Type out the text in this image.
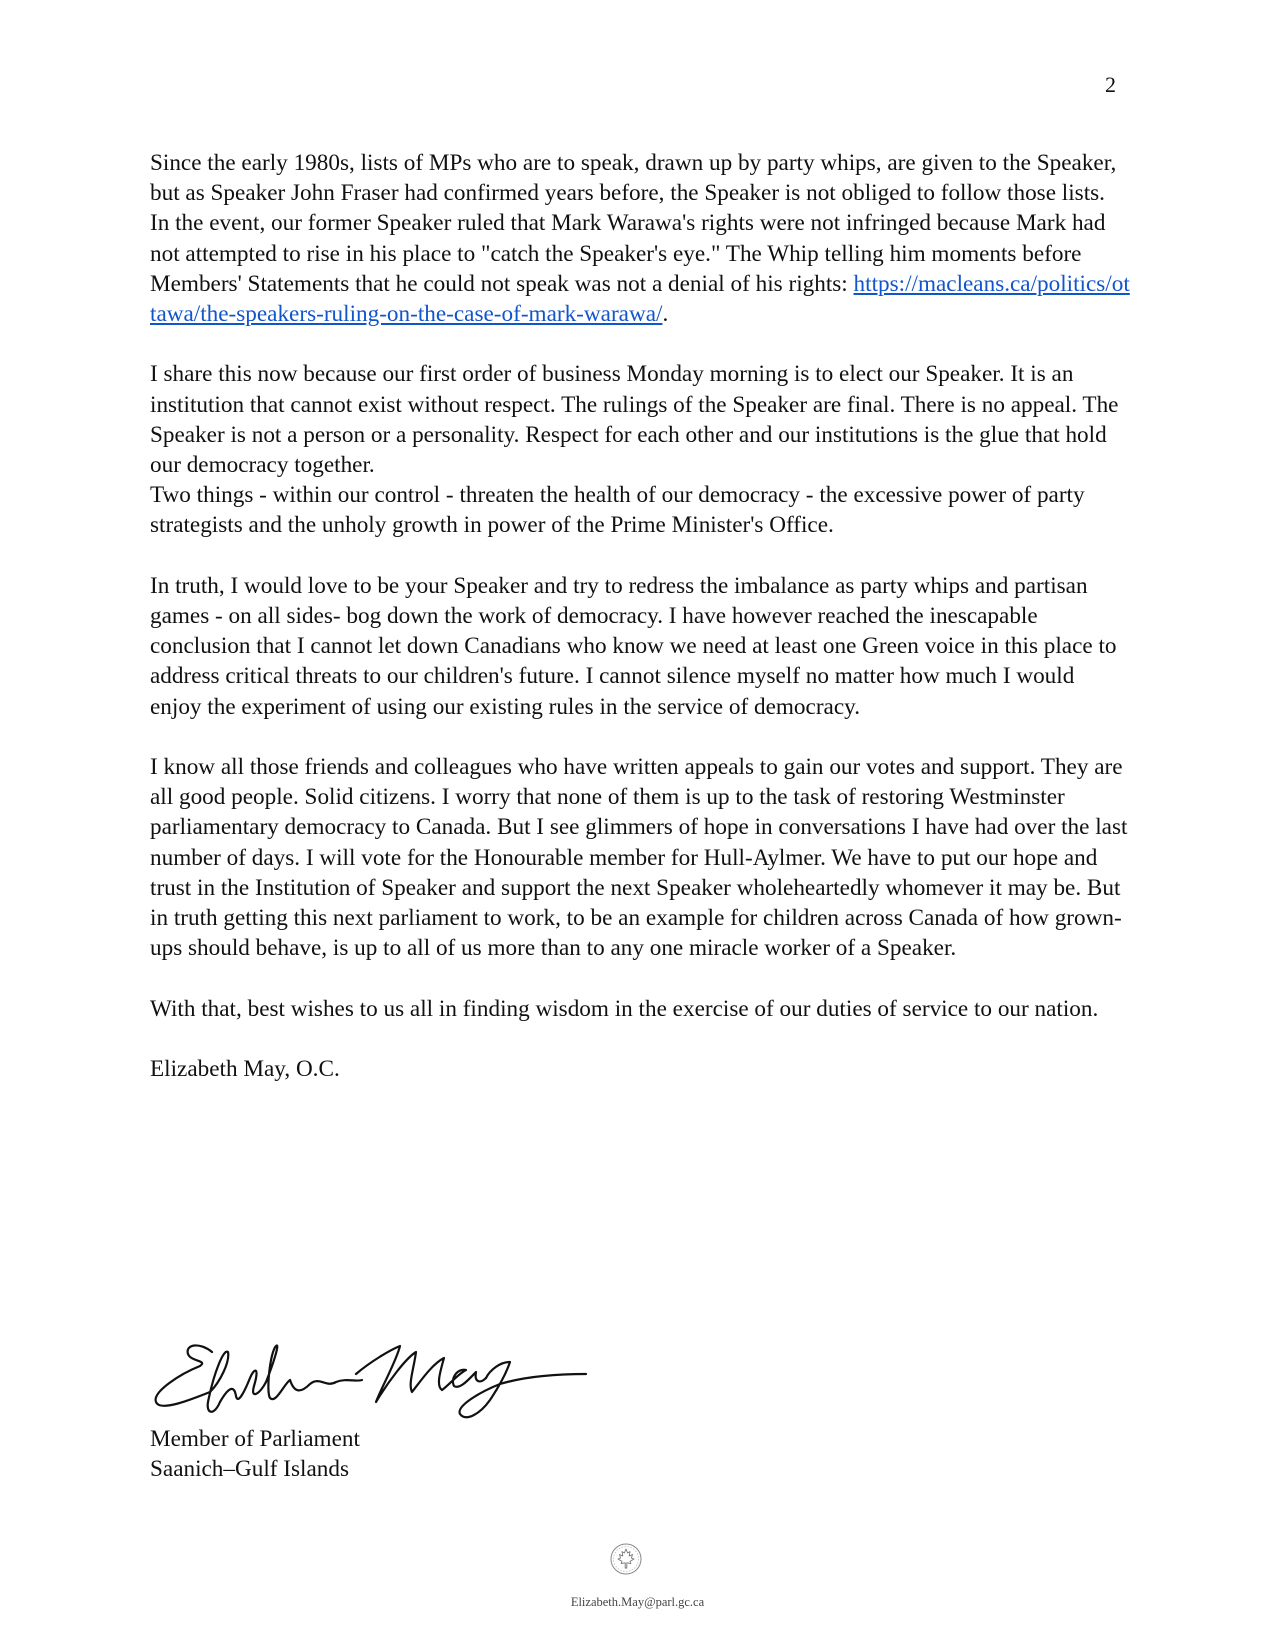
2

Since the early 1980s, lists of MPs who are to speak, drawn up by party whips, are given to the Speaker, but as Speaker John Fraser had confirmed years before, the Speaker is not obliged to follow those lists. In the event, our former Speaker ruled that Mark Warawa's rights were not infringed because Mark had not attempted to rise in his place to "catch the Speaker's eye." The Whip telling him moments before Members' Statements that he could not speak was not a denial of his rights: https://macleans.ca/politics/ottawa/the-speakers-ruling-on-the-case-of-mark-warawa/.

I share this now because our first order of business Monday morning is to elect our Speaker. It is an institution that cannot exist without respect. The rulings of the Speaker are final. There is no appeal. The Speaker is not a person or a personality. Respect for each other and our institutions is the glue that hold our democracy together.

Two things - within our control - threaten the health of our democracy - the excessive power of party strategists and the unholy growth in power of the Prime Minister's Office.

In truth, I would love to be your Speaker and try to redress the imbalance as party whips and partisan games - on all sides- bog down the work of democracy. I have however reached the inescapable conclusion that I cannot let down Canadians who know we need at least one Green voice in this place to address critical threats to our children's future. I cannot silence myself no matter how much I would enjoy the experiment of using our existing rules in the service of democracy.

I know all those friends and colleagues who have written appeals to gain our votes and support. They are all good people. Solid citizens. I worry that none of them is up to the task of restoring Westminster parliamentary democracy to Canada. But I see glimmers of hope in conversations I have had over the last number of days. I will vote for the Honourable member for Hull-Aylmer. We have to put our hope and trust in the Institution of Speaker and support the next Speaker wholeheartedly whomever it may be. But in truth getting this next parliament to work, to be an example for children across Canada of how grown-ups should behave, is up to all of us more than to any one miracle worker of a Speaker.

With that, best wishes to us all in finding wisdom in the exercise of our duties of service to our nation.

Elizabeth May, O.C.

Member of Parliament
Saanich–Gulf Islands
Elizabeth.May@parl.gc.ca
